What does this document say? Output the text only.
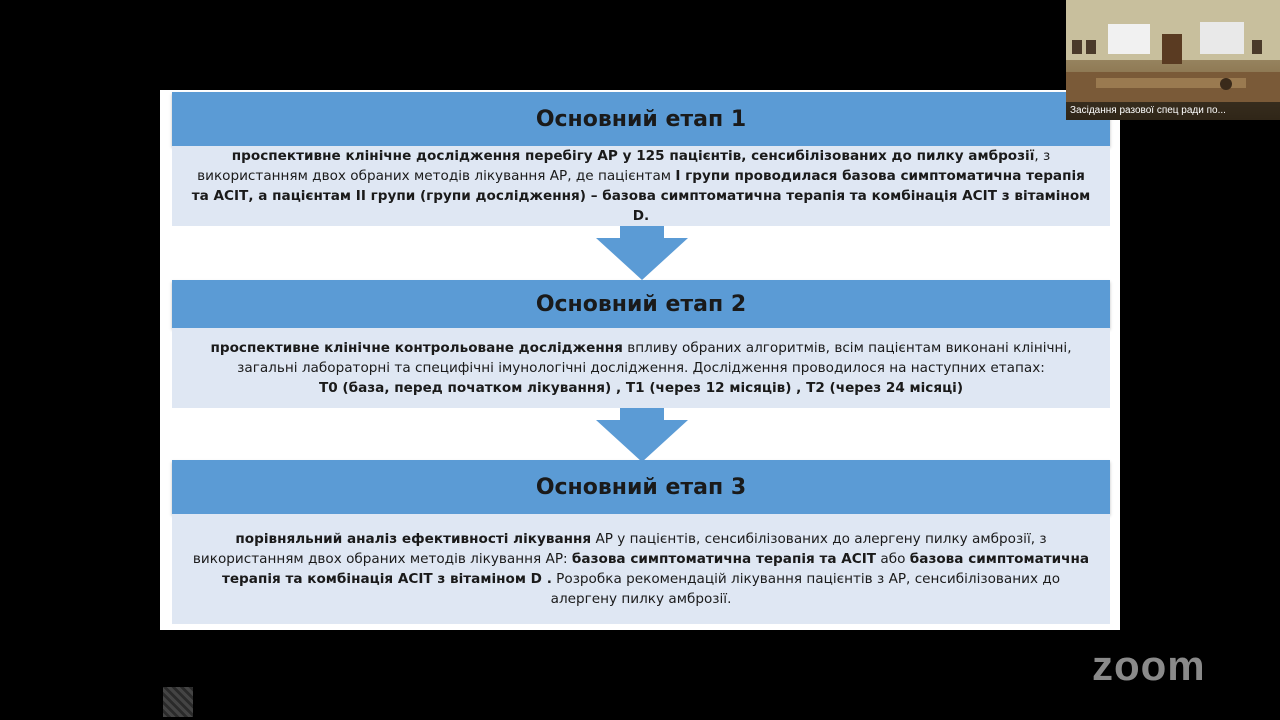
Основний етап 1
проспективне клінічне дослідження перебігу АР у 125 пацієнтів, сенсибілізованих до пилку амброзії, з
використанням двох обраних методів лікування АР, де пацієнтам І групи проводилася базова симптоматична терапія
та АСІТ, а пацієнтам ІІ групи (групи дослідження) – базова симптоматична терапія та комбінація АСІТ з вітаміном D.
Основний етап 2
проспективне клінічне контрольоване дослідження впливу обраних алгоритмів, всім пацієнтам виконані клінічні,
загальні лабораторні та специфічні імунологічні дослідження. Дослідження проводилося на наступних етапах:
Т0 (база, перед початком лікування) , Т1 (через 12 місяців) , Т2 (через 24 місяці)
Основний етап 3
порівняльний аналіз ефективності лікування АР у пацієнтів, сенсибілізованих до алергену пилку амброзії, з
використанням двох обраних методів лікування АР: базова симптоматична терапія та АСІТ або базова симптоматична
терапія та комбінація АСІТ з вітаміном D . Розробка рекомендацій лікування пацієнтів з АР, сенсибілізованих до
алергену пилку амброзії.
Засідання разової спец ради по...
zoom
